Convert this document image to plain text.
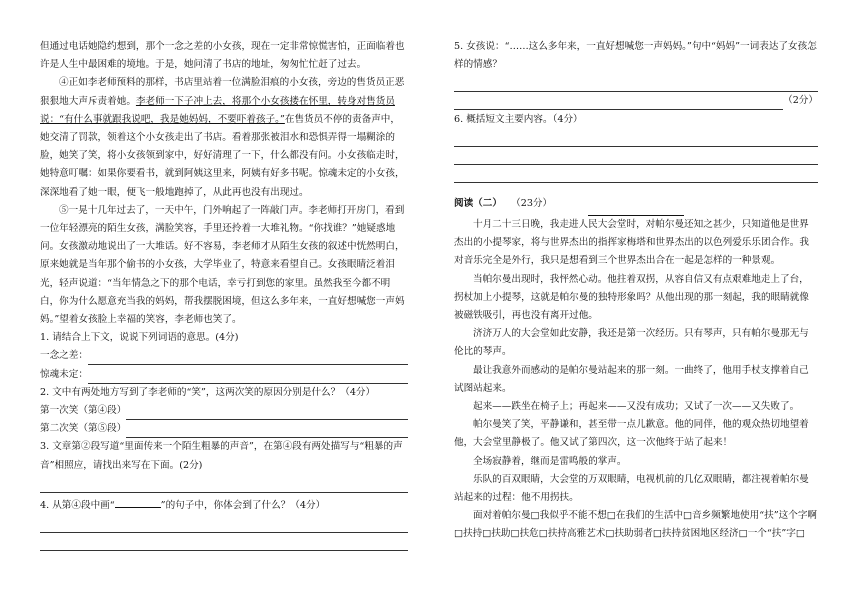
但通过电话她隐约想到，那个一念之差的小女孩，现在一定非常惊慌害怕，正面临着也许是人生中最困难的境地。于是，她问清了书店的地址，匆匆忙忙赶了过去。

④正如李老师预料的那样，书店里站着一位满脸泪痕的小女孩，旁边的售货员正恶狠狠地大声斥责着她。李老师一下子冲上去，将那个小女孩搂在怀里，转身对售货员说：“有什么事就跟我说吧，我是她妈妈，不要吓着孩子。”在售货员不停的责备声中，她交清了罚款，领着这个小女孩走出了书店。看着那张被泪水和恐惧弄得一塌糊涂的脸，她笑了笑，将小女孩领到家中，好好清理了一下，什么都没有问。小女孩临走时，她特意叮嘱：如果你要看书，就到阿姨这里来，阿姨有好多书呢。惊魂未定的小女孩，深深地看了她一眼，便飞一般地跑掉了，从此再也没有出现过。

⑤一晃十几年过去了，一天中午，门外响起了一阵敲门声。李老师打开房门，看到一位年轻漂亮的陌生女孩，满脸笑容，手里还拎着一大堆礼物。“你找谁？”她疑惑地问。女孩激动地说出了一大堆话。好不容易，李老师才从陌生女孩的叙述中恍然明白，原来她就是当年那个偷书的小女孩，大学毕业了，特意来看望自己。女孩眼睛泛着泪光，轻声说道：“当年情急之下的那个电话，幸亏打到您的家里。虽然我至今都不明白，你为什么愿意充当我的妈妈，帮我摆脱困境，但这么多年来，一直好想喊您一声妈妈。”望着女孩脸上幸福的笑容，李老师也笑了。

1. 请结合上下文，说说下列词语的意思。(4分)

一念之差：
惊魂未定：

2. 文中有两处地方写到了李老师的“笑”，这两次笑的原因分别是什么？（4分）

第一次笑（第④段）
第二次笑（第⑤段）

3. 文章第②段写道“里面传来一个陌生粗暴的声音”，在第④段有两处描写与“粗暴的声音”相照应，请找出来写在下面。(2分)

4. 从第④段中画“	”的句子中，你体会到了什么？（4分）

5. 女孩说：“……这么多年来，一直好想喊您一声妈妈。”句中“妈妈”一词表达了女孩怎样的情感？

（2分）

6. 概括短文主要内容。（4分）

阅读（二） （23分）

十月二十三日晚，我走进人民大会堂时，对帕尔曼还知之甚少，只知道他是世界杰出的小提琴家，将与世界杰出的指挥家梅塔和世界杰出的以色列爱乐乐团合作。我对音乐完全是外行，我只是想看到三个世界杰出合在一起是怎样的一种景观。

当帕尔曼出现时，我怦然心动。他拄着双拐，从容自信又有点艰难地走上了台，拐杖加上小提琴，这就是帕尔曼的独特形象吗？从他出现的那一刻起，我的眼睛就像被磁铁吸引，再也没有离开过他。

济济万人的大会堂如此安静，我还是第一次经历。只有琴声，只有帕尔曼那无与伦比的琴声。

最让我意外而感动的是帕尔曼站起来的那一刻。一曲终了，他用手杖支撑着自己试图站起来。

起来——跌坐在椅子上；再起来——又没有成功；又试了一次——又失败了。

帕尔曼笑了笑，平静谦和，甚至带一点儿歉意。他的同伴，他的观众热切地望着他，大会堂里静极了。他又试了第四次，这一次他终于站了起来！

全场寂静着，继而是雷鸣般的掌声。

乐队的百双眼睛，大会堂的万双眼睛，电视机前的几亿双眼睛，都注视着帕尔曼站起来的过程：他不用拐扶。

面对着帕尔曼□我似乎不能不想□在我们的生活中□音乡频繁地使用“扶”这个字啊□扶持□扶助□扶危□扶持高雅艺术□扶助弱者□扶持贫困地区经济□一个“扶”字□
